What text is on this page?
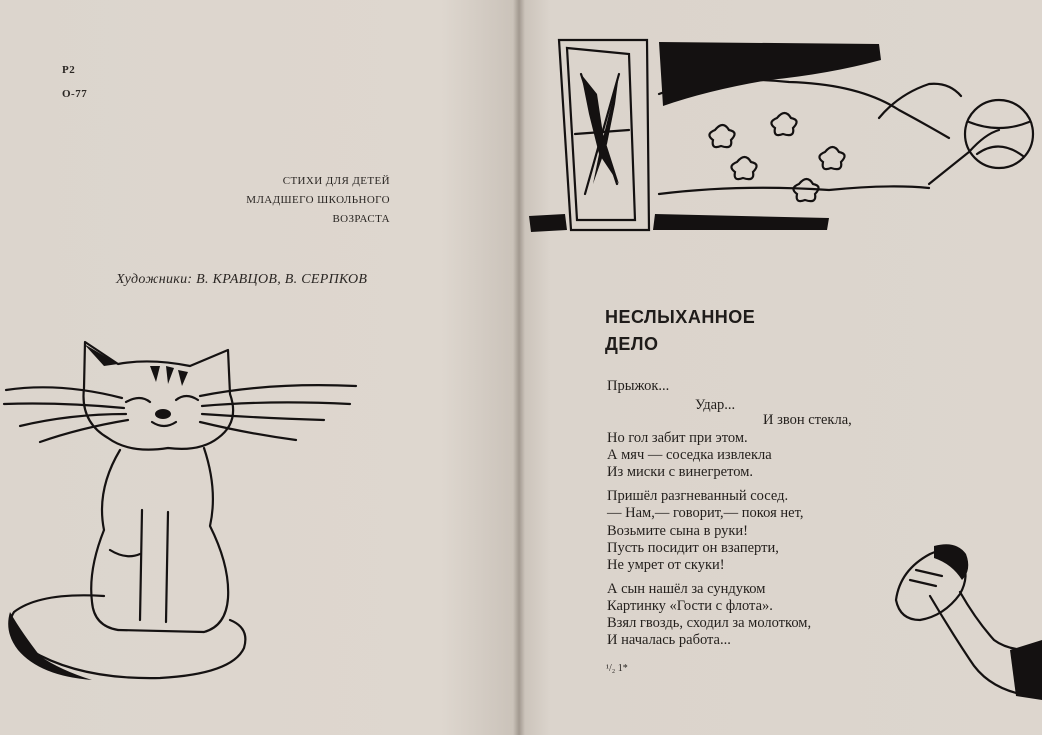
Р2
О-77
СТИХИ ДЛЯ ДЕТЕЙ
МЛАДШЕГО ШКОЛЬНОГО
ВОЗРАСТА
Художники: В. КРАВЦОВ, В. СЕРПКОВ
НЕСЛЫХАННОЕ
ДЕЛО
Прыжок...
Удар...
И звон стекла,
Но гол забит при этом.
А мяч — соседка извлекла
Из миски с винегретом.
Пришёл разгневанный сосед.
— Нам,— говорит,— покоя нет,
Возьмите сына в руки!
Пусть посидит он взаперти,
Не умрет от скуки!
А сын нашёл за сундуком
Картинку «Гости с флота».
Взял гвоздь, сходил за молотком,
И началась работа...
¹/₂ 1*
